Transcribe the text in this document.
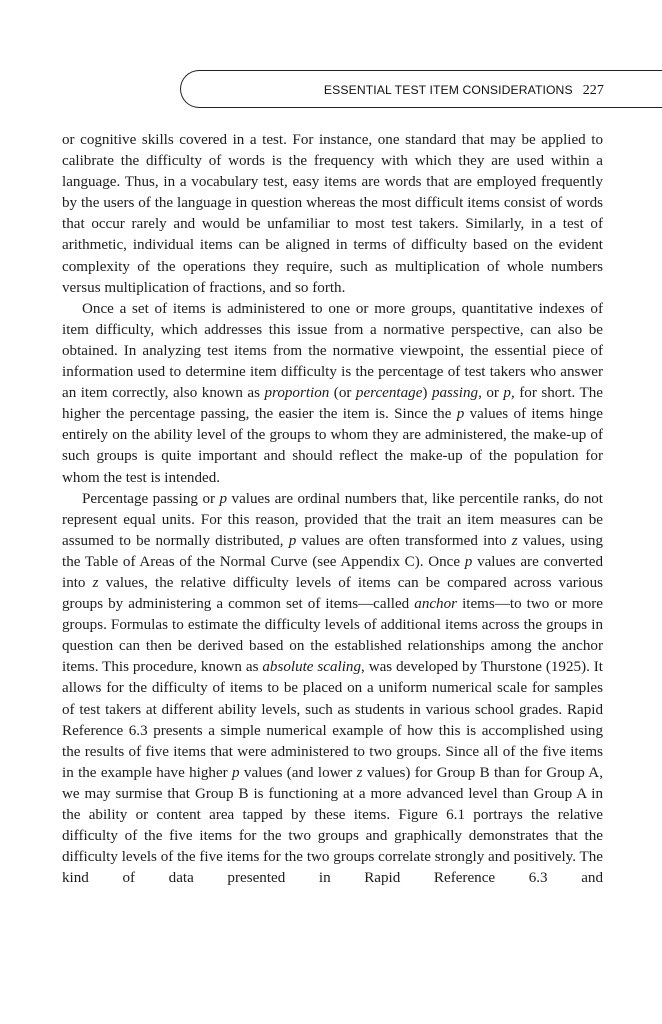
ESSENTIAL TEST ITEM CONSIDERATIONS 227

or cognitive skills covered in a test. For instance, one standard that may be applied to calibrate the difficulty of words is the frequency with which they are used within a language. Thus, in a vocabulary test, easy items are words that are employed frequently by the users of the language in question whereas the most difficult items consist of words that occur rarely and would be unfamiliar to most test takers. Similarly, in a test of arithmetic, individual items can be aligned in terms of difficulty based on the evident complexity of the operations they require, such as multiplication of whole numbers versus multiplication of fractions, and so forth.

Once a set of items is administered to one or more groups, quantitative indexes of item difficulty, which addresses this issue from a normative perspective, can also be obtained. In analyzing test items from the normative viewpoint, the essential piece of information used to determine item difficulty is the percentage of test takers who answer an item correctly, also known as proportion (or percentage) passing, or p, for short. The higher the percentage passing, the easier the item is. Since the p values of items hinge entirely on the ability level of the groups to whom they are administered, the make-up of such groups is quite important and should reflect the make-up of the population for whom the test is intended.

Percentage passing or p values are ordinal numbers that, like percentile ranks, do not represent equal units. For this reason, provided that the trait an item measures can be assumed to be normally distributed, p values are often transformed into z values, using the Table of Areas of the Normal Curve (see Appendix C). Once p values are converted into z values, the relative difficulty levels of items can be compared across various groups by administering a common set of items—called anchor items—to two or more groups. Formulas to estimate the difficulty levels of additional items across the groups in question can then be derived based on the established relationships among the anchor items. This procedure, known as absolute scaling, was developed by Thurstone (1925). It allows for the difficulty of items to be placed on a uniform numerical scale for samples of test takers at different ability levels, such as students in various school grades. Rapid Reference 6.3 presents a simple numerical example of how this is accomplished using the results of five items that were administered to two groups. Since all of the five items in the example have higher p values (and lower z values) for Group B than for Group A, we may surmise that Group B is functioning at a more advanced level than Group A in the ability or content area tapped by these items. Figure 6.1 portrays the relative difficulty of the five items for the two groups and graphically demonstrates that the difficulty levels of the five items for the two groups correlate strongly and positively. The kind of data presented in Rapid Reference 6.3 and
